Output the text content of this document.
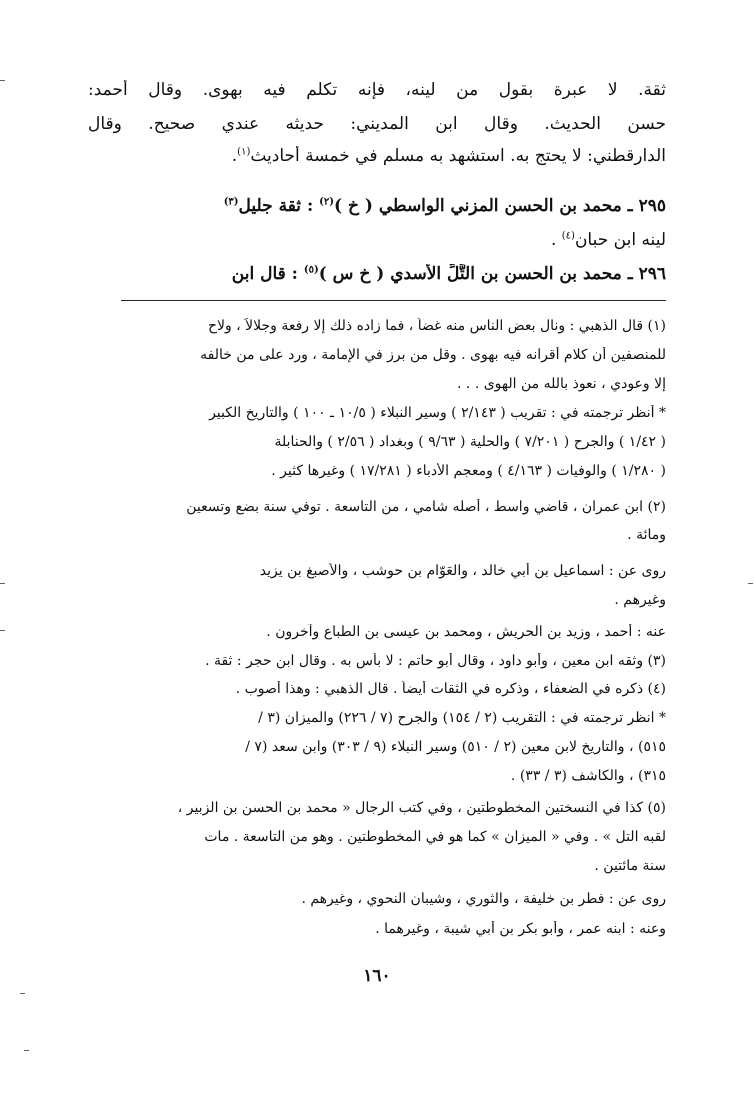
ثقة. لا عبرة بقول من لينه، فإنه تكلم فيه بهوى. وقال أحمد:
حسن الحديث. وقال ابن المديني: حديثه عندي صحيح. وقال
الدارقطني: لا يحتج به. استشهد به مسلم في خمسة أحاديث$^{(١)}$.
٢٩٥ ـ محمد بن الحسن المزني الواسطي ( خ )$^{(٢)}$ : ثقة جليل$^{(٣)}$
لينه ابن حبان$^{(٤)}$ .
٢٩٦ ـ محمد بن الحسن بن التَّلِّ الأسدي ( خ س )$^{(٥)}$ : قال ابن
(١) قال الذهبي : ونال بعض الناس منه غضاً ، فما زاده ذلك إلا رفعة وجلالاً ، ولاح
للمنصفين أن كلام أقرانه فيه بهوى . وقل من برز في الإمامة ، ورد على من خالفه
إلا وعودي ، نعوذ بالله من الهوى . . .
* أنظر ترجمته في : تقريب ( ٢/١٤٣ ) وسير النبلاء ( ١٠/٥ ـ ١٠٠ ) والتاريخ الكبير
( ١/٤٢ ) والجرح ( ٧/٢٠١ ) والحلية ( ٩/٦٣ ) وبغداد ( ٢/٥٦ ) والحنابلة
( ١/٢٨٠ ) والوفيات ( ٤/١٦٣ ) ومعجم الأدباء ( ١٧/٢٨١ ) وغيرها كثير .
(٢) ابن عمران ، قاضي واسط ، أصله شامي ، من التاسعة . توفي سنة بضع وتسعين
ومائة .
روى عن : اسماعيل بن أبي خالد ، والعَوّام بن حوشب ، والأصبغ بن يزيد
وغيرهم .
عنه : أحمد ، وزيد بن الحريش ، ومحمد بن عيسى بن الطباع وآخرون .
(٣) وثقه ابن معين ، وأبو داود ، وقال أبو حاتم : لا بأس به . وقال ابن حجر : ثقة .
(٤) ذكره في الضعفاء ، وذكره في الثقات أيضاً . قال الذهبي : وهذا أصوب .
* انظر ترجمته في : التقريب (٢ / ١٥٤) والجرح (٧ / ٢٢٦) والميزان (٣ /
٥١٥) ، والتاريخ لابن معين (٢ / ٥١٠) وسير النبلاء (٩ / ٣٠٣) وابن سعد (٧ /
٣١٥) ، والكاشف (٣ / ٣٣) .
(٥) كذا في النسختين المخطوطتين ، وفي كتب الرجال « محمد بن الحسن بن الزبير ،
لقبه التل » . وفي « الميزان » كما هو في المخطوطتين . وهو من التاسعة . مات
سنة مائتين .
روى عن : فطر بن خليفة ، والثوري ، وشيبان النحوي ، وغيرهم .
وعنه : ابنه عمر ، وأبو بكر بن أبي شيبة ، وغيرهما .
١٦٠
